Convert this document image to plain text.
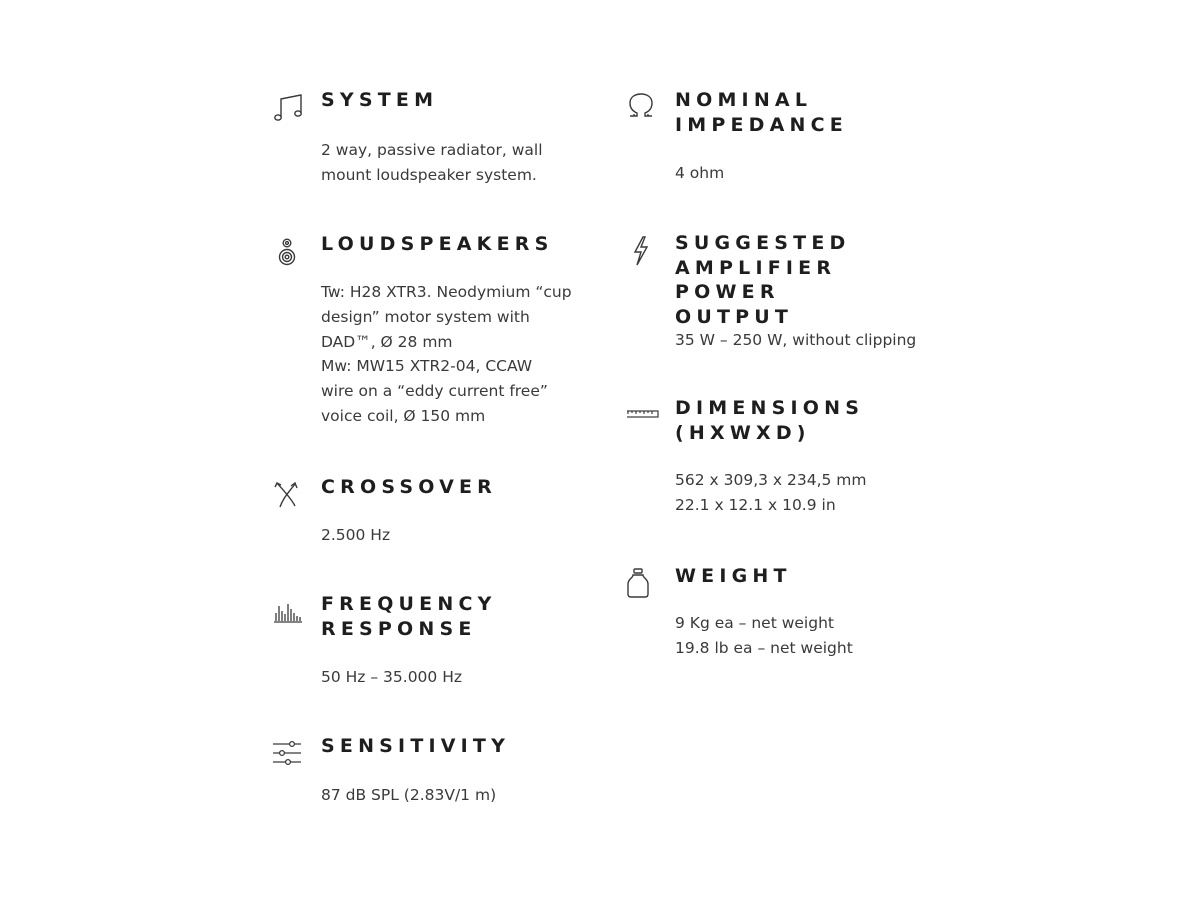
SYSTEM

2 way, passive radiator, wall
mount loudspeaker system.

LOUDSPEAKERS

Tw: H28 XTR3. Neodymium “cup
design” motor system with
DAD™, Ø 28 mm
Mw: MW15 XTR2-04, CCAW
wire on a “eddy current free”
voice coil, Ø 150 mm

CROSSOVER

2.500 Hz

FREQUENCY
RESPONSE

50 Hz – 35.000 Hz

SENSITIVITY

87 dB SPL (2.83V/1 m)

NOMINAL
IMPEDANCE

4 ohm

SUGGESTED
AMPLIFIER
POWER OUTPUT

35 W – 250 W, without clipping

DIMENSIONS
(HXWXD)

562 x 309,3 x 234,5 mm
22.1 x 12.1 x 10.9 in

WEIGHT

9 Kg ea – net weight
19.8 lb ea – net weight
